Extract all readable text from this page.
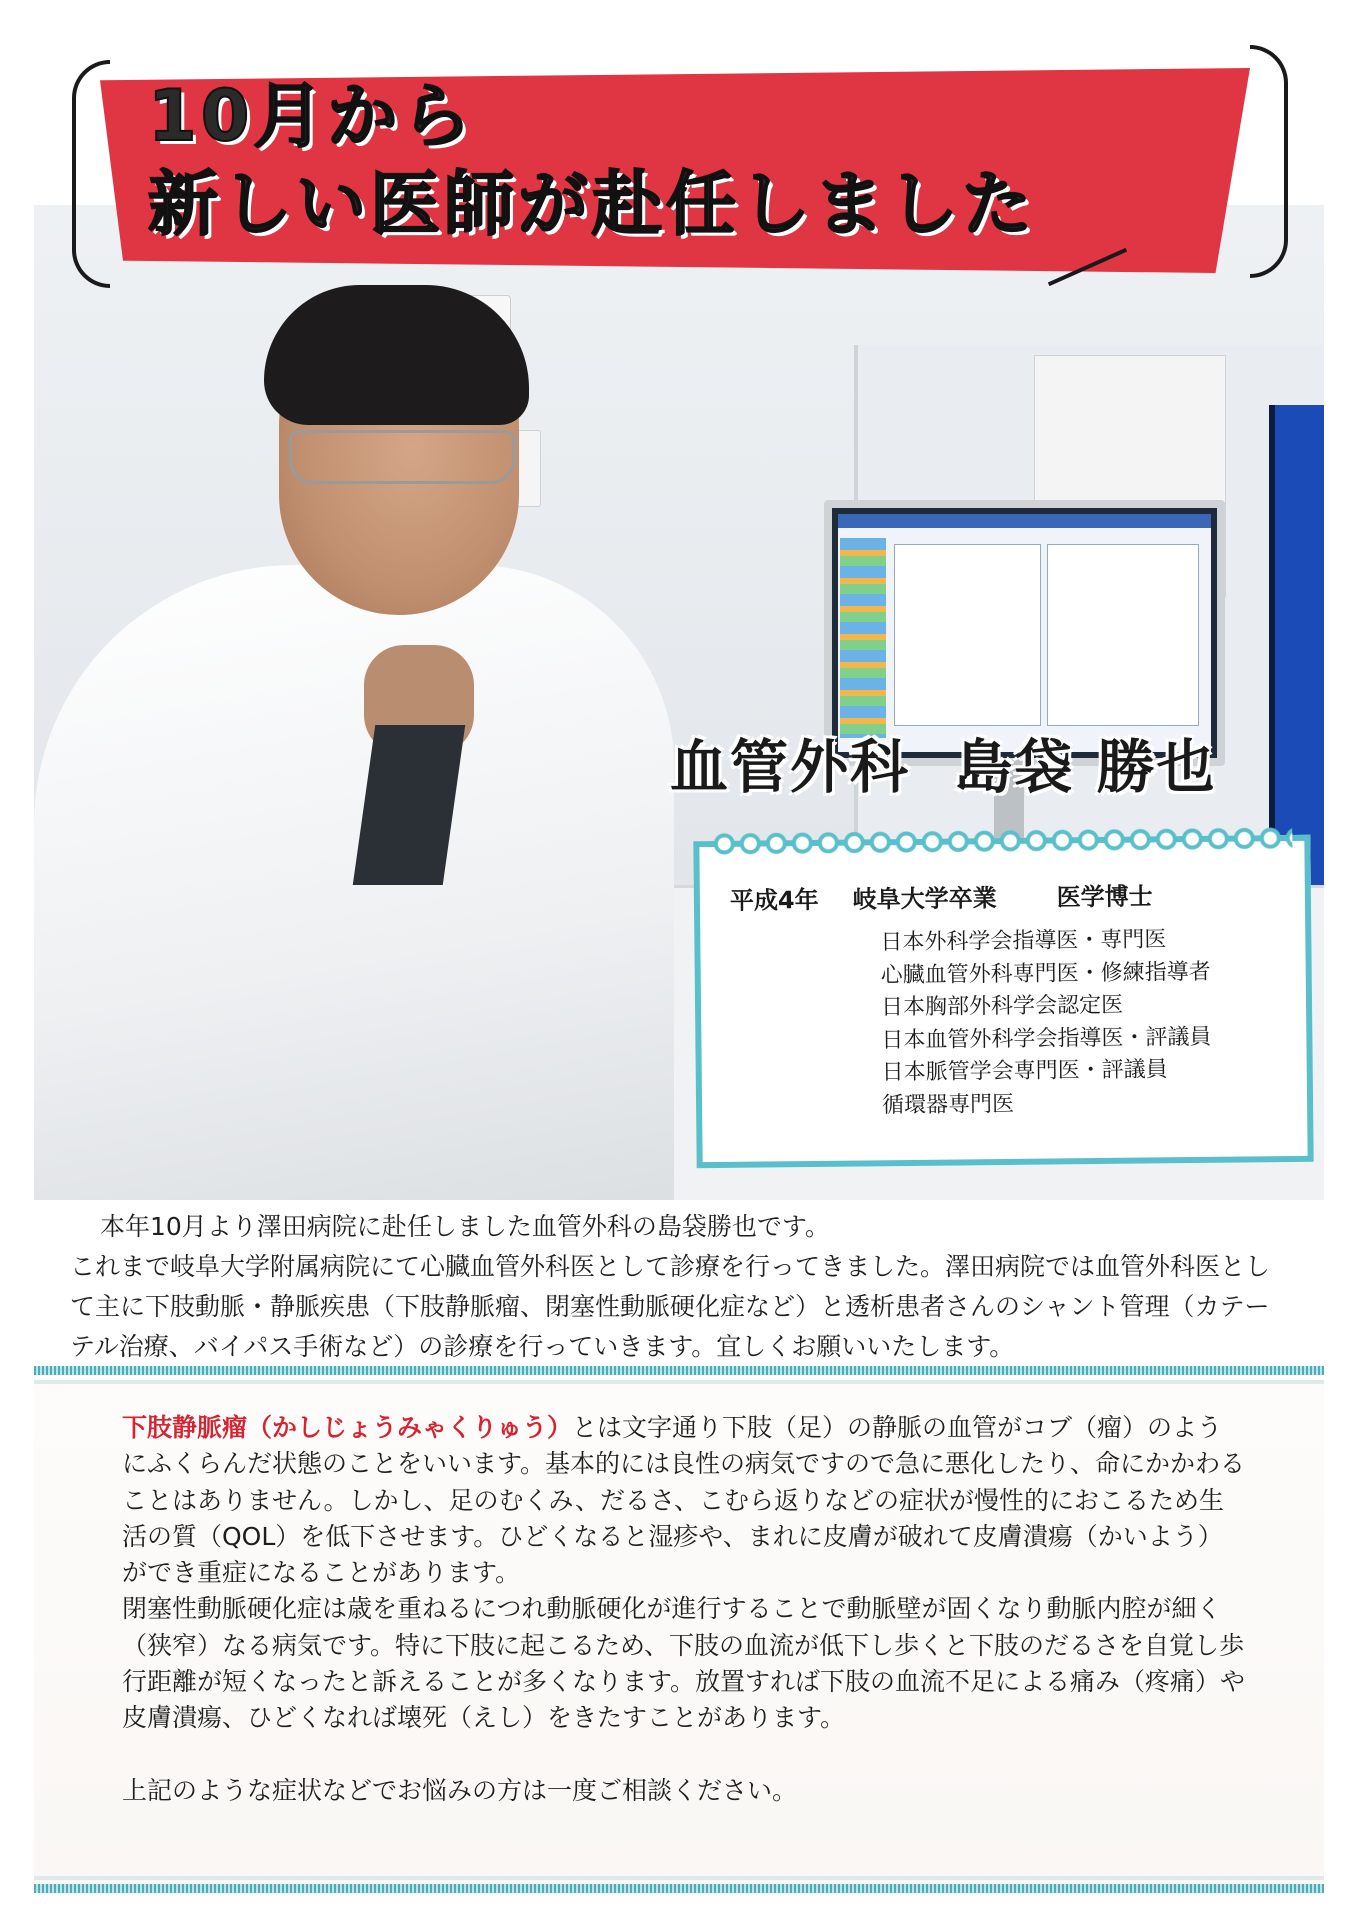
10月から
新しい医師が赴任しました
血管外科 島袋 勝也
平成4年 岐阜大学卒業 医学博士
日本外科学会指導医・専門医
心臓血管外科専門医・修練指導者
日本胸部外科学会認定医
日本血管外科学会指導医・評議員
日本脈管学会専門医・評議員
循環器専門医

本年10月より澤田病院に赴任しました血管外科の島袋勝也です。

これまで岐阜大学附属病院にて心臓血管外科医として診療を行ってきました。澤田病院では血管外科医として主に下肢動脈・静脈疾患（下肢静脈瘤、閉塞性動脈硬化症など）と透析患者さんのシャント管理（カテーテル治療、バイパス手術など）の診療を行っていきます。宜しくお願いいたします。

下肢静脈瘤（かしじょうみゃくりゅう）とは文字通り下肢（足）の静脈の血管がコブ（瘤）のようにふくらんだ状態のことをいいます。基本的には良性の病気ですので急に悪化したり、命にかかわることはありません。しかし、足のむくみ、だるさ、こむら返りなどの症状が慢性的におこるため生活の質（QOL）を低下させます。ひどくなると湿疹や、まれに皮膚が破れて皮膚潰瘍（かいよう）ができ重症になることがあります。

閉塞性動脈硬化症は歳を重ねるにつれ動脈硬化が進行することで動脈壁が固くなり動脈内腔が細く（狭窄）なる病気です。特に下肢に起こるため、下肢の血流が低下し歩くと下肢のだるさを自覚し歩行距離が短くなったと訴えることが多くなります。放置すれば下肢の血流不足による痛み（疼痛）や皮膚潰瘍、ひどくなれば壊死（えし）をきたすことがあります。

上記のような症状などでお悩みの方は一度ご相談ください。
